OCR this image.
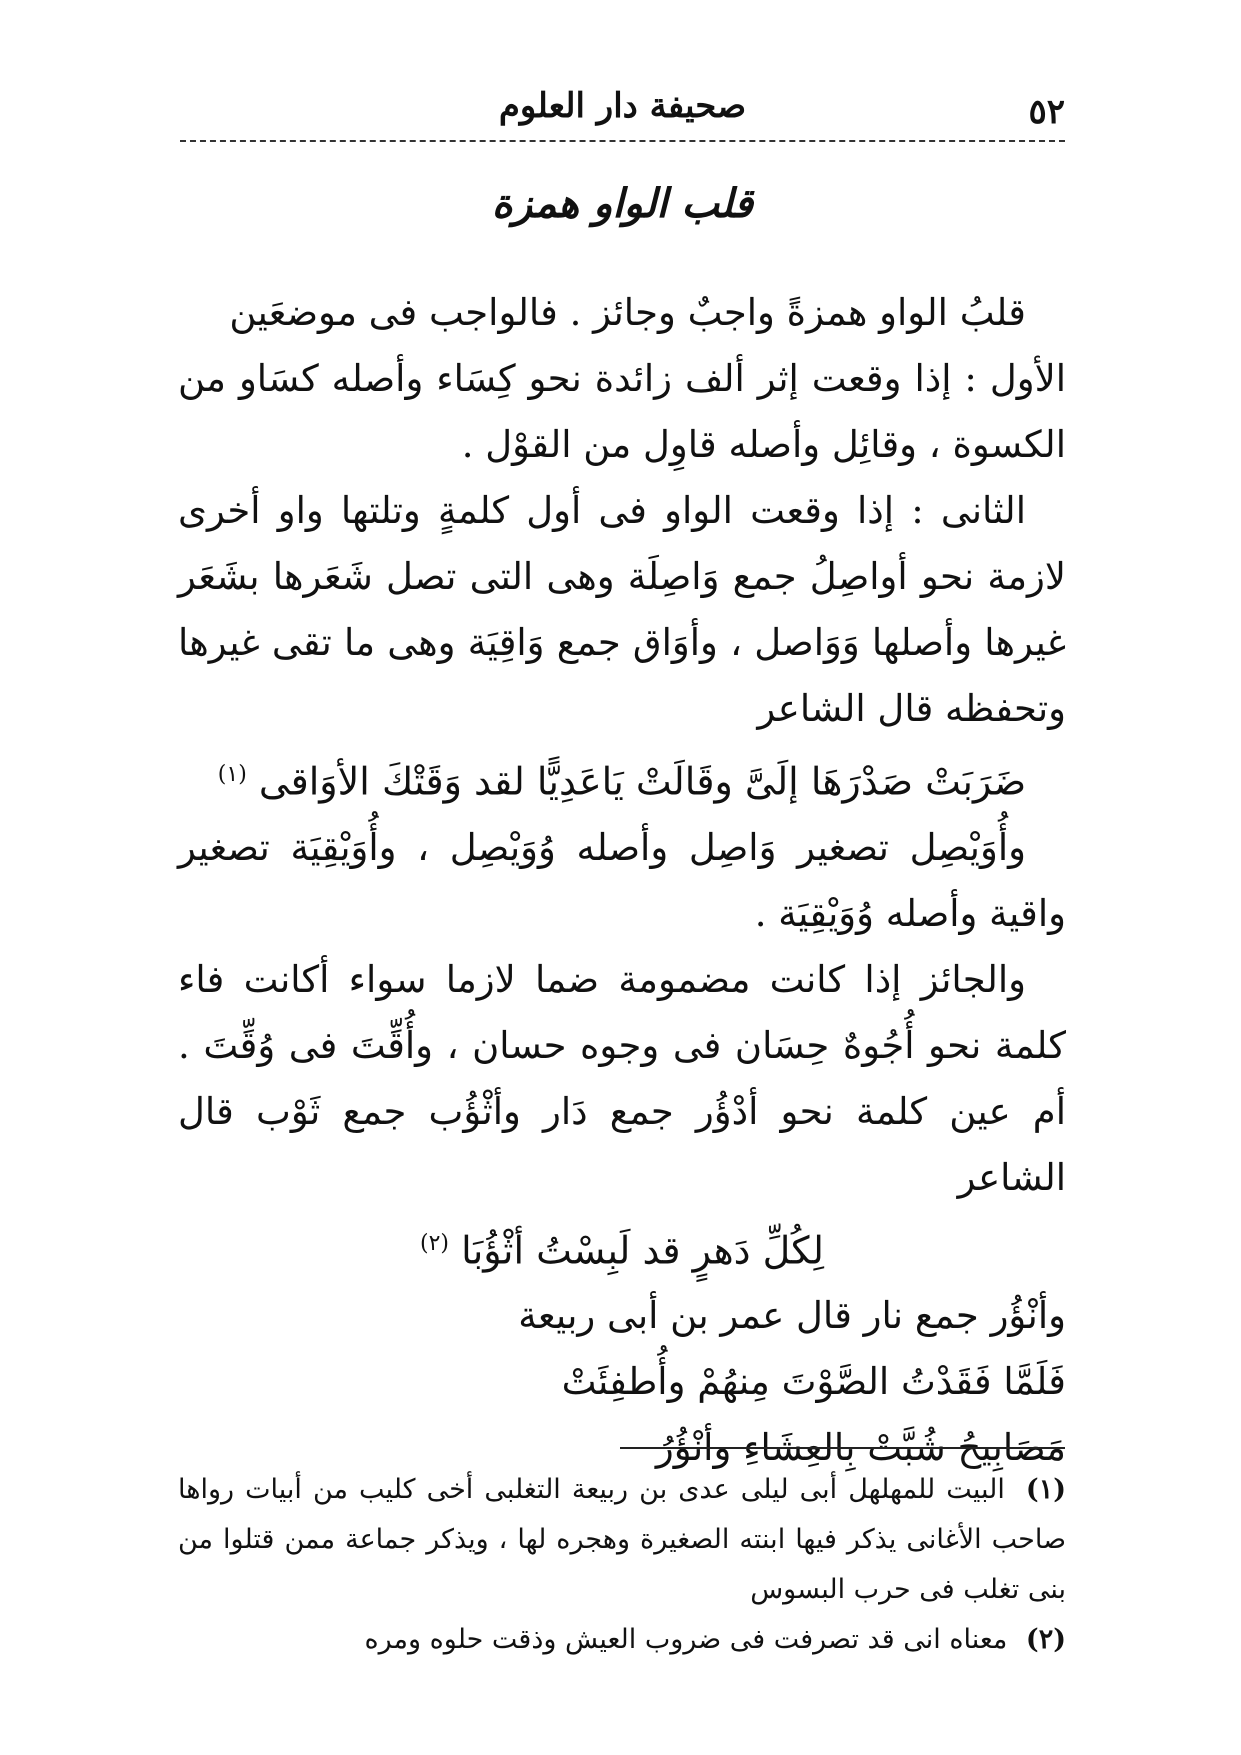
٥٢
صحيفة دار العلوم
قلب الواو همزة

قلبُ الواو همزةً واجبٌ وجائز . فالواجب فى موضعَين

الأول : إذا وقعت إثر ألف زائدة نحو كِسَاء وأصله كسَاو من الكسوة ، وقائِل وأصله قاوِل من القوْل .

الثانى : إذا وقعت الواو فى أول كلمةٍ وتلتها واو أخرى لازمة نحو أواصِلُ جمع وَاصِلَة وهى التى تصل شَعَرها بشَعَر غيرها وأصلها وَوَاصل ، وأوَاق جمع وَاقِيَة وهى ما تقى غيرها وتحفظه قال الشاعر

ضَرَبَتْ صَدْرَهَا إلَىَّ وقَالَتْ يَاعَدِيًّا لقد وَقَتْكَ الأوَاقى $^{(١)}$

وأُوَيْصِل تصغير وَاصِل وأصله وُوَيْصِل ، وأُوَيْقِيَة تصغير واقية وأصله وُوَيْقِيَة .

والجائز إذا كانت مضمومة ضما لازما سواء أكانت فاء كلمة نحو أُجُوهٌ حِسَان فى وجوه حسان ، وأُقِّتَ فى وُقِّتَ . أم عين كلمة نحو أدْؤُر جمع دَار وأثْؤُب جمع ثَوْب قال الشاعر

لِكُلِّ دَهرٍ قد لَبِسْتُ أثْؤُبَا $^{(٢)}$

وأنْؤُر جمع نار قال عمر بن أبى ربيعة

فَلَمَّا فَقَدْتُ الصَّوْتَ مِنهُمْ وأُطفِئَتْ

مَصَابِيحُ شُبَّتْ بِالعِشَاءِ وأنْؤُرُ

(١) البيت للمهلهل أبى ليلى عدى بن ربيعة التغلبى أخى كليب من أبيات رواها صاحب الأغانى يذكر فيها ابنته الصغيرة وهجره لها ، ويذكر جماعة ممن قتلوا من بنى تغلب فى حرب البسوس

(٢) معناه انى قد تصرفت فى ضروب العيش وذقت حلوه ومره
